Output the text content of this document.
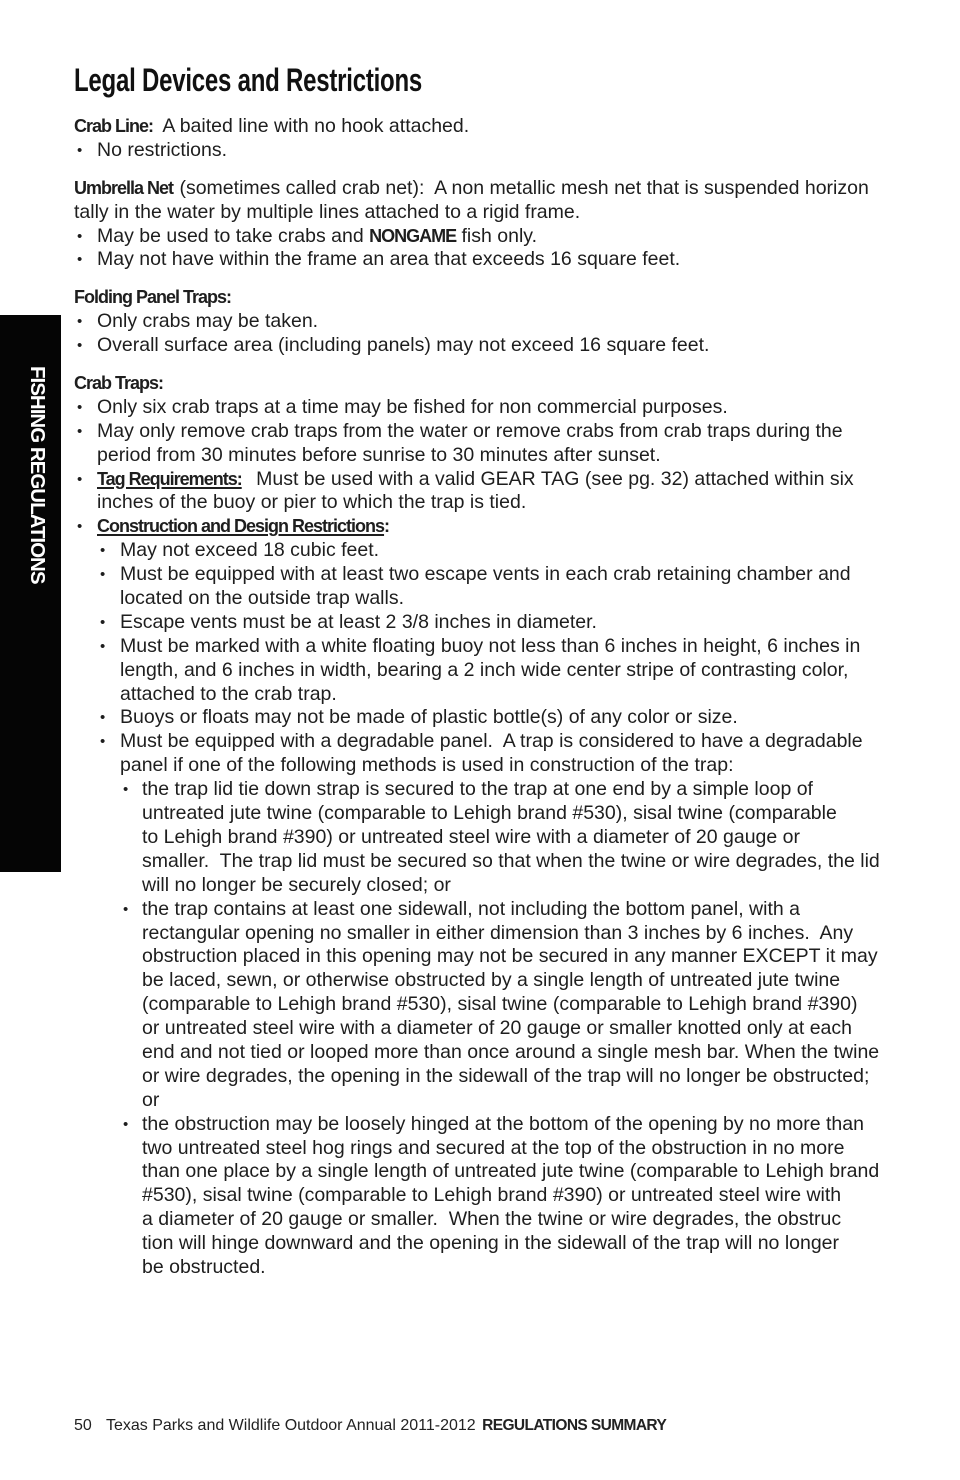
FISHING REGULATIONS
Legal Devices and Restrictions
Crab Line: A baited line with no hook attached.
•
No restrictions.
Umbrella Net (sometimes called crab net):  A non metallic mesh net that is suspended horizon
tally in the water by multiple lines attached to a rigid frame.
•
May be used to take crabs and NONGAME fish only.
•
May not have within the frame an area that exceeds 16 square feet.
Folding Panel Traps:
•
Only crabs may be taken.
•
Overall surface area (including panels) may not exceed 16 square feet.
Crab Traps:
•
Only six crab traps at a time may be fished for non commercial purposes.
•
May only remove crab traps from the water or remove crabs from crab traps during the
period from 30 minutes before sunrise to 30 minutes after sunset.
•
Tag Requirements: Must be used with a valid GEAR TAG (see pg. 32) attached within six
inches of the buoy or pier to which the trap is tied.
•
Construction and Design Restrictions:
•
May not exceed 18 cubic feet.
•
Must be equipped with at least two escape vents in each crab retaining chamber and
located on the outside trap walls.
•
Escape vents must be at least 2 3/8 inches in diameter.
•
Must be marked with a white floating buoy not less than 6 inches in height, 6 inches in
length, and 6 inches in width, bearing a 2 inch wide center stripe of contrasting color,
attached to the crab trap.
•
Buoys or floats may not be made of plastic bottle(s) of any color or size.
•
Must be equipped with a degradable panel.  A trap is considered to have a degradable
panel if one of the following methods is used in construction of the trap:
•
the trap lid tie down strap is secured to the trap at one end by a simple loop of
untreated jute twine (comparable to Lehigh brand #530), sisal twine (comparable
to Lehigh brand #390) or untreated steel wire with a diameter of 20 gauge or
smaller.  The trap lid must be secured so that when the twine or wire degrades, the lid
will no longer be securely closed; or
•
the trap contains at least one sidewall, not including the bottom panel, with a
rectangular opening no smaller in either dimension than 3 inches by 6 inches.  Any
obstruction placed in this opening may not be secured in any manner EXCEPT it may
be laced, sewn, or otherwise obstructed by a single length of untreated jute twine
(comparable to Lehigh brand #530), sisal twine (comparable to Lehigh brand #390)
or untreated steel wire with a diameter of 20 gauge or smaller knotted only at each
end and not tied or looped more than once around a single mesh bar. When the twine
or wire degrades, the opening in the sidewall of the trap will no longer be obstructed;
or
•
the obstruction may be loosely hinged at the bottom of the opening by no more than
two untreated steel hog rings and secured at the top of the obstruction in no more
than one place by a single length of untreated jute twine (comparable to Lehigh brand
#530), sisal twine (comparable to Lehigh brand #390) or untreated steel wire with
a diameter of 20 gauge or smaller.  When the twine or wire degrades, the obstruc
tion will hinge downward and the opening in the sidewall of the trap will no longer
be obstructed.
50 Texas Parks and Wildlife Outdoor Annual 2011-2012 REGULATIONS SUMMARY
